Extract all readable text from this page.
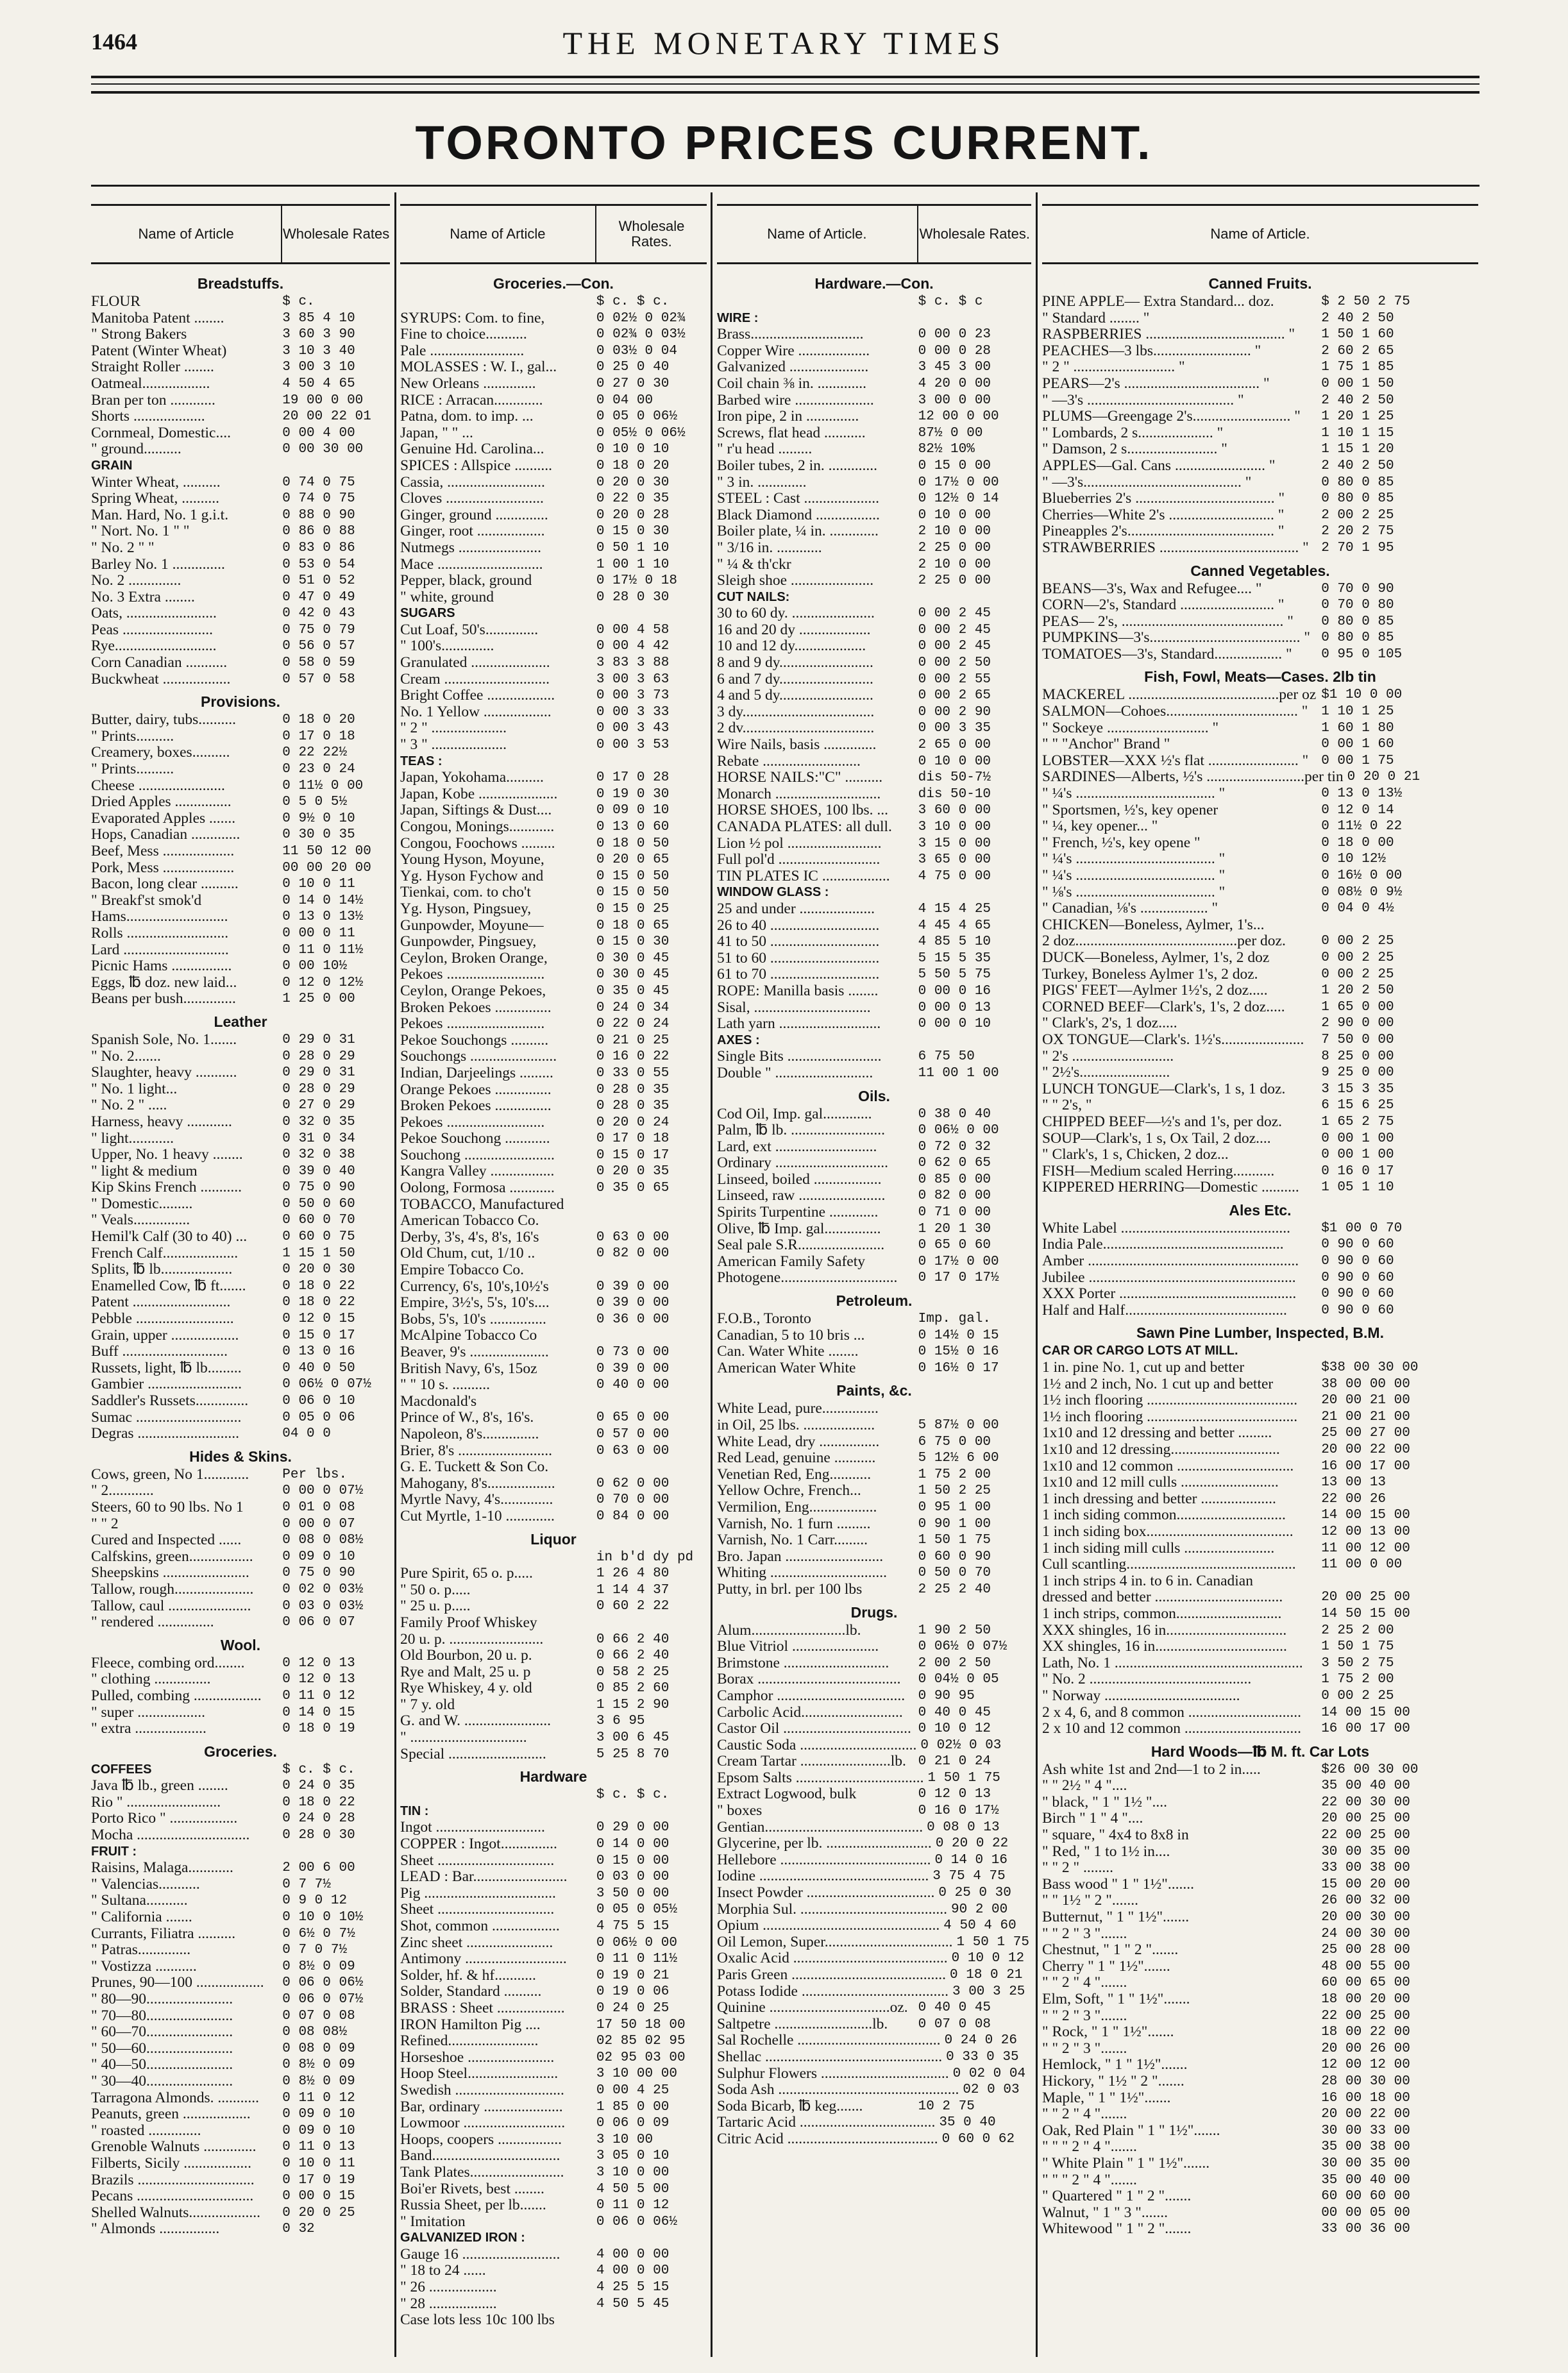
1464	THE MONETARY TIMES
TORONTO PRICES CURRENT.
Name of Article	Wholesale Rates
Breadstuffs.
FLOUR	$ c.
Manitoba Patent ........	3 85 4 10
" Strong Bakers	3 60 3 90
Patent (Winter Wheat)	3 10 3 40
Straight Roller ........	3 00 3 10
Oatmeal..................	4 50 4 65
Bran per ton ............	19 00 0 00
Shorts ...................	20 00 22 01
Cornmeal, Domestic....	0 00 4 00
" ground..........	0 00 30 00
GRAIN
Winter Wheat, ..........	0 74 0 75
Spring Wheat, ..........	0 74 0 75
Man. Hard, No. 1 g.i.t.	0 88 0 90
" Nort. No. 1 " "	0 86 0 88
" No. 2 " "	0 83 0 86
Barley No. 1 ..............	0 53 0 54
No. 2 ..............	0 51 0 52
No. 3 Extra ........	0 47 0 49
Oats, ........................	0 42 0 43
Peas ........................	0 75 0 79
Rye...........................	0 56 0 57
Corn Canadian ...........	0 58 0 59
Buckwheat ..................	0 57 0 58
Provisions.
Butter, dairy, tubs..........	0 18 0 20
" Prints..........	0 17 0 18
Creamery, boxes..........	0 22 22½
" Prints..........	0 23 0 24
Cheese .......................	0 11½ 0 00
Dried Apples ...............	0 5 0 5½
Evaporated Apples .......	0 9½ 0 10
Hops, Canadian .............	0 30 0 35
Beef, Mess ...................	11 50 12 00
Pork, Mess ...................	00 00 20 00
Bacon, long clear ..........	0 10 0 11
" Breakf'st smok'd	0 14 0 14½
Hams...........................	0 13 0 13½
Rolls ...........................	0 00 0 11
Lard ............................	0 11 0 11½
Picnic Hams ................	0 00 10½
Eggs, ℔ doz. new laid...	0 12 0 12½
Beans per bush..............	1 25 0 00
Leather
Spanish Sole, No. 1.......	0 29 0 31
" No. 2.......	0 28 0 29
Slaughter, heavy ...........	0 29 0 31
" No. 1 light...	0 28 0 29
" No. 2 " .....	0 27 0 29
Harness, heavy ............	0 32 0 35
" light............	0 31 0 34
Upper, No. 1 heavy ........	0 32 0 38
" light & medium	0 39 0 40
Kip Skins French ...........	0 75 0 90
" Domestic.........	0 50 0 60
" Veals...............	0 60 0 70
Hemil'k Calf (30 to 40) ...	0 60 0 75
French Calf....................	1 15 1 50
Splits, ℔ lb...................	0 20 0 30
Enamelled Cow, ℔ ft.......	0 18 0 22
Patent ..........................	0 18 0 22
Pebble ..........................	0 12 0 15
Grain, upper ..................	0 15 0 17
Buff ............................	0 13 0 16
Russets, light, ℔ lb.........	0 40 0 50
Gambier .........................	0 06½ 0 07½
Saddler's Russets..............	0 06 0 10
Sumac ............................	0 05 0 06
Degras ...........................	04 0 0
Hides & Skins.
Cows, green, No 1............	Per lbs.
" 2............	0 00 0 07½
Steers, 60 to 90 lbs. No 1	0 01 0 08
" " 2	0 00 0 07
Cured and Inspected ......	0 08 0 08½
Calfskins, green.................	0 09 0 10
Sheepskins .......................	0 75 0 90
Tallow, rough.....................	0 02 0 03½
Tallow, caul ......................	0 03 0 03½
" rendered ...............	0 06 0 07
Wool.
Fleece, combing ord........	0 12 0 13
" clothing ...............	0 12 0 13
Pulled, combing ..................	0 11 0 12
" super ..................	0 14 0 15
" extra ...................	0 18 0 19
Groceries.
COFFEES	$ c. $ c.
Java ℔ lb., green ........	0 24 0 35
Rio " .........................	0 18 0 22
Porto Rico " ..................	0 24 0 28
Mocha ..............................	0 28 0 30
FRUIT :
Raisins, Malaga............	2 00 6 00
" Valencias...........	0 7 7½
" Sultana...........	0 9 0 12
" California .......	0 10 0 10½
Currants, Filiatra ..........	0 6½ 0 7½
" Patras..............	0 7 0 7½
" Vostizza ...........	0 8½ 0 09
Prunes, 90—100 ..................	0 06 0 06½
" 80—90.......................	0 06 0 07½
" 70—80.......................	0 07 0 08
" 60—70.......................	0 08 08½
" 50—60.......................	0 08 0 09
" 40—50.......................	0 8½ 0 09
" 30—40.......................	0 8½ 0 09
Tarragona Almonds. ...........	0 11 0 12
Peanuts, green ..................	0 09 0 10
" roasted ..............	0 09 0 10
Grenoble Walnuts ..............	0 11 0 13
Filberts, Sicily ..................	0 10 0 11
Brazils ...............................	0 17 0 19
Pecans ...............................	0 00 0 15
Shelled Walnuts...................	0 20 0 25
" Almonds ................	0 32
Name of Article	Wholesale Rates.
Groceries.—Con.
$ c. $ c.
SYRUPS: Com. to fine,	0 02½ 0 02¾
Fine to choice...........	0 02¾ 0 03½
Pale .........................	0 03½ 0 04
MOLASSES : W. I., gal...	0 25 0 40
New Orleans ..............	0 27 0 30
RICE : Arracan.............	0 04 00
Patna, dom. to imp. ...	0 05 0 06½
Japan, " " ...	0 05½ 0 06½
Genuine Hd. Carolina...	0 10 0 10
SPICES : Allspice ..........	0 18 0 20
Cassia, ..........................	0 20 0 30
Cloves ..........................	0 22 0 35
Ginger, ground ..............	0 20 0 28
Ginger, root ..................	0 15 0 30
Nutmegs ......................	0 50 1 10
Mace ............................	1 00 1 10
Pepper, black, ground	0 17½ 0 18
" white, ground	0 28 0 30
SUGARS
Cut Loaf, 50's..............	0 00 4 58
" 100's..............	0 00 4 42
Granulated .....................	3 83 3 88
Cream ............................	3 00 3 63
Bright Coffee ..................	0 00 3 73
No. 1 Yellow ..................	0 00 3 33
" 2 " ....................	0 00 3 43
" 3 " ....................	0 00 3 53
TEAS :
Japan, Yokohama..........	0 17 0 28
Japan, Kobe .....................	0 19 0 30
Japan, Siftings & Dust....	0 09 0 10
Congou, Monings............	0 13 0 60
Congou, Foochows .........	0 18 0 50
Young Hyson, Moyune,	0 20 0 65
Yg. Hyson Fychow and	0 15 0 50
Tienkai, com. to cho't	0 15 0 50
Yg. Hyson, Pingsuey,	0 15 0 25
Gunpowder, Moyune—	0 18 0 65
Gunpowder, Pingsuey,	0 15 0 30
Ceylon, Broken Orange,	0 30 0 45
Pekoes ..........................	0 30 0 45
Ceylon, Orange Pekoes,	0 35 0 45
Broken Pekoes ...............	0 24 0 34
Pekoes ..........................	0 22 0 24
Pekoe Souchongs ..........	0 21 0 25
Souchongs .......................	0 16 0 22
Indian, Darjeelings .........	0 33 0 55
Orange Pekoes ...............	0 28 0 35
Broken Pekoes ...............	0 28 0 35
Pekoes ..........................	0 20 0 24
Pekoe Souchong ............	0 17 0 18
Souchong ........................	0 15 0 17
Kangra Valley .................	0 20 0 35
Oolong, Formosa ............	0 35 0 65
TOBACCO, Manufactured
American Tobacco Co.
Derby, 3's, 4's, 8's, 16's	0 63 0 00
Old Chum, cut, 1/10 ..	0 82 0 00
Empire Tobacco Co.
Currency, 6's, 10's,10½'s	0 39 0 00
Empire, 3½'s, 5's, 10's....	0 39 0 00
Bobs, 5's, 10's ...............	0 36 0 00
McAlpine Tobacco Co
Beaver, 9's .....................	0 73 0 00
British Navy, 6's, 15oz	0 39 0 00
" " 10 s. ..........	0 40 0 00
Macdonald's
Prince of W., 8's, 16's.	0 65 0 00
Napoleon, 8's...............	0 57 0 00
Brier, 8's .........................	0 63 0 00
G. E. Tuckett & Son Co.
Mahogany, 8's..................	0 62 0 00
Myrtle Navy, 4's..............	0 70 0 00
Cut Myrtle, 1-10 .............	0 84 0 00
Liquor
in b'd dy pd
Pure Spirit, 65 o. p.....	1 26 4 80
" 50 o. p.....	1 14 4 37
" 25 u. p.....	0 60 2 22
Family Proof Whiskey
20 u. p. .........................	0 66 2 40
Old Bourbon, 20 u. p.	0 66 2 40
Rye and Malt, 25 u. p	0 58 2 25
Rye Whiskey, 4 y. old	0 85 2 60
" 7 y. old	1 15 2 90
G. and W. .......................	3 6 95
" ...............................	3 00 6 45
Special ..........................	5 25 8 70
Hardware
$ c. $ c.
TIN :
Ingot .............................	0 29 0 00
COPPER : Ingot...............	0 14 0 00
Sheet ...............................	0 15 0 00
LEAD : Bar.........................	0 03 0 00
Pig ...................................	3 50 0 00
Sheet ...............................	0 05 0 05½
Shot, common ..................	4 75 5 15
Zinc sheet .......................	0 06½ 0 00
Antimony ...........................	0 11 0 11½
Solder, hf. & hf...........	0 19 0 21
Solder, Standard ..........	0 19 0 06
BRASS : Sheet ..................	0 24 0 25
IRON Hamilton Pig ....	17 50 18 00
Refined........................	02 85 02 95
Horseshoe .......................	02 95 03 00
Hoop Steel........................	3 10 00 00
Swedish .............................	0 00 4 25
Bar, ordinary .....................	1 85 0 00
Lowmoor ...........................	0 06 0 09
Hoops, coopers .................	3 10 00
Band..................................	3 05 0 10
Tank Plates.........................	3 10 0 00
Boi'er Rivets, best ........	4 50 5 00
Russia Sheet, per lb.......	0 11 0 12
" Imitation	0 06 0 06½
GALVANIZED IRON :
Gauge 16 ..........................	4 00 0 00
" 18 to 24 ......	4 00 0 00
" 26 ..................	4 25 5 15
" 28 ..................	4 50 5 45
Case lots less 10c 100 lbs
Name of Article.	Wholesale Rates.
Hardware.—Con.
$ c. $ c
WIRE :
Brass..............................	0 00 0 23
Copper Wire ...................	0 00 0 28
Galvanized .....................	3 45 3 00
Coil chain ⅜ in. .............	4 20 0 00
Barbed wire .....................	3 00 0 00
Iron pipe, 2 in ..............	12 00 0 00
Screws, flat head ...........	87½ 0 00
" r'u head .........	82½ 10%
Boiler tubes, 2 in. .............	0 15 0 00
" 3 in. .............	0 17½ 0 00
STEEL : Cast ....................	0 12½ 0 14
Black Diamond .................	0 10 0 00
Boiler plate, ¼ in. .............	2 10 0 00
" 3/16 in. ............	2 25 0 00
" ¼ & th'ckr	2 10 0 00
Sleigh shoe ......................	2 25 0 00
CUT NAILS:
30 to 60 dy. ......................	0 00 2 45
16 and 20 dy ...................	0 00 2 45
10 and 12 dy...................	0 00 2 45
8 and 9 dy.........................	0 00 2 50
6 and 7 dy.........................	0 00 2 55
4 and 5 dy.........................	0 00 2 65
3 dy...................................	0 00 2 90
2 dv...................................	0 00 3 35
Wire Nails, basis ..............	2 65 0 00
Rebate ..........................	0 10 0 00
HORSE NAILS:"C" ..........	dis 50-7½
Monarch ............................	dis 50-10
HORSE SHOES, 100 lbs. ...	3 60 0 00
CANADA PLATES: all dull.	3 10 0 00
Lion ½ pol .........................	3 15 0 00
Full pol'd ...........................	3 65 0 00
TIN PLATES IC ..................	4 75 0 00
WINDOW GLASS :
25 and under ....................	4 15 4 25
26 to 40 .............................	4 45 4 65
41 to 50 .............................	4 85 5 10
51 to 60 .............................	5 15 5 35
61 to 70 .............................	5 50 5 75
ROPE: Manilla basis ........	0 00 0 16
Sisal, ...............................	0 00 0 13
Lath yarn ...........................	0 00 0 10
AXES :
Single Bits .........................	6 75 50
Double " ..........................	11 00 1 00
Oils.
Cod Oil, Imp. gal.............	0 38 0 40
Palm, ℔ lb. .........................	0 06½ 0 00
Lard, ext ...........................	0 72 0 32
Ordinary ..............................	0 62 0 65
Linseed, boiled ..................	0 85 0 00
Linseed, raw .......................	0 82 0 00
Spirits Turpentine .............	0 71 0 00
Olive, ℔ Imp. gal...............	1 20 1 30
Seal pale S.R.......................	0 65 0 60
American Family Safety	0 17½ 0 00
Photogene...............................	0 17 0 17½
Petroleum.
F.O.B., Toronto	Imp. gal.
Canadian, 5 to 10 bris ...	0 14½ 0 15
Can. Water White ........	0 15½ 0 16
American Water White	0 16½ 0 17
Paints, &c.
White Lead, pure...............
in Oil, 25 lbs. ...................	5 87½ 0 00
White Lead, dry ................	6 75 0 00
Red Lead, genuine ...........	5 12½ 6 00
Venetian Red, Eng...........	1 75 2 00
Yellow Ochre, French...	1 50 2 25
Vermilion, Eng..................	0 95 1 00
Varnish, No. 1 furn .........	0 90 1 00
Varnish, No. 1 Carr.........	1 50 1 75
Bro. Japan ..........................	0 60 0 90
Whiting ...............................	0 50 0 70
Putty, in brl. per 100 lbs	2 25 2 40
Drugs.
Alum.........................lb.	1 90 2 50
Blue Vitriol .......................	0 06½ 0 07½
Brimstone ............................	2 00 2 50
Borax ......................................	0 04½ 0 05
Camphor .................................. 0 90 95
Carbolic Acid...........................	0 40 0 45
Castor Oil .................................. 0 10 0 12
Caustic Soda ............................... 0 02½ 0 03
Cream Tartar ........................lb. 0 21 0 24
Epsom Salts .................................. 1 50 1 75
Extract Logwood, bulk	0 12 0 13
" boxes	0 16 0 17½
Gentian.......................................... 0 08 0 13
Glycerine, per lb. ............................ 0 20 0 22
Hellebore ........................................ 0 14 0 16
Iodine ............................................. 3 75 4 75
Insect Powder .................................. 0 25 0 30
Morphia Sul. ....................................... 90 2 00
Opium ............................................... 4 50 4 60
Oil Lemon, Super.................................. 1 50 1 75
Oxalic Acid ......................................... 0 10 0 12
Paris Green ......................................... 0 18 0 21
Potass Iodide ....................................... 3 00 3 25
Quinine ................................oz. 0 40 0 45
Saltpetre ..........................lb.	0 07 0 08
Sal Rochelle ...................................... 0 24 0 26
Shellac ............................................... 0 33 0 35
Sulphur Flowers .................................. 0 02 0 04
Soda Ash ................................................ 02 0 03
Soda Bicarb, ℔ keg.......	10 2 75
Tartaric Acid .................................... 35 0 40
Citric Acid ........................................ 0 60 0 62
Name of Article.
Canned Fruits.
PINE APPLE— Extra Standard... doz.	$ 2 50 2 75
" Standard ........ "	2 40 2 50
RASPBERRIES ..................................... "	1 50 1 60
PEACHES—3 lbs.......................... "	2 60 2 65
" 2 " ........................... "	1 75 1 85
PEARS—2's .................................... "	0 00 1 50
" —3's ....................................... "	2 40 2 50
PLUMS—Greengage 2's.......................... "	1 20 1 25
" Lombards, 2 s.................... "	1 10 1 15
" Damson, 2 s........................ "	1 15 1 20
APPLES—Gal. Cans ........................ "	2 40 2 50
" —3's.......................................... "	0 80 0 85
Blueberries 2's ..................................... "	0 80 0 85
Cherries—White 2's ............................ "	2 00 2 25
Pineapples 2's....................................... "	2 20 2 75
STRAWBERRIES ..................................... " 2 70 1 95
Canned Vegetables.
BEANS—3's, Wax and Refugee.... "	0 70 0 90
CORN—2's, Standard ......................... "	0 70 0 80
PEAS— 2's, ........................................... "	0 80 0 85
PUMPKINS—3's........................................ " 0 80 0 85
TOMATOES—3's, Standard.................. "	0 95 0 105
Fish, Fowl, Meats—Cases. 2lb tin
MACKEREL ........................................per oz $1 10 0 00
SALMON—Cohoes................................... " 1 10 1 25
" Sockeye ........................... "	1 60 1 80
" " "Anchor" Brand "	0 00 1 60
LOBSTER—XXX ½'s flat ........................ " 0 00 1 75
SARDINES—Alberts, ½'s ..........................per tin 0 20 0 21
" ¼'s ..................................... "	0 13 0 13½
" Sportsmen, ½'s, key opener	0 12 0 14
" ¼, key opener... "	0 11½ 0 22
" French, ½'s, key opene "	0 18 0 00
" ¼'s ..................................... "	0 10 12½
" ¼'s ..................................... "	0 16½ 0 00
" ⅛'s ..................................... "	0 08½ 0 9½
" Canadian, ⅛'s .................. "	0 04 0 4½
CHICKEN—Boneless, Aylmer, 1's...
2 doz...........................................per doz.	0 00 2 25
DUCK—Boneless, Aylmer, 1's, 2 doz	0 00 2 25
Turkey, Boneless Aylmer 1's, 2 doz.	0 00 2 25
PIGS' FEET—Aylmer 1½'s, 2 doz.....	1 20 2 50
CORNED BEEF—Clark's, 1's, 2 doz.....	1 65 0 00
" Clark's, 2's, 1 doz.....	2 90 0 00
OX TONGUE—Clark's. 1½'s......................	7 50 0 00
" 2's ...........................	8 25 0 00
" 2½'s........................	9 25 0 00
LUNCH TONGUE—Clark's, 1 s, 1 doz.	3 15 3 35
" " 2's, "	6 15 6 25
CHIPPED BEEF—½'s and 1's, per doz.	1 65 2 75
SOUP—Clark's, 1 s, Ox Tail, 2 doz....	0 00 1 00
" Clark's, 1 s, Chicken, 2 doz...	0 00 1 00
FISH—Medium scaled Herring...........	0 16 0 17
KIPPERED HERRING—Domestic ..........	1 05 1 10
Ales Etc.
White Label .............................................	$1 00 0 70
India Pale................................................	0 90 0 60
Amber ........................................................	0 90 0 60
Jubilee .......................................................	0 90 0 60
XXX Porter ...............................................	0 90 0 60
Half and Half...........................................	0 90 0 60
Sawn Pine Lumber, Inspected, B.M.
CAR OR CARGO LOTS AT MILL.
1 in. pine No. 1, cut up and better	$38 00 30 00
1½ and 2 inch, No. 1 cut up and better	38 00 00 00
1½ inch flooring ........................................	20 00 21 00
1½ inch flooring ........................................	21 00 21 00
1x10 and 12 dressing and better .........	25 00 27 00
1x10 and 12 dressing.............................	20 00 22 00
1x10 and 12 common ...............................	16 00 17 00
1x10 and 12 mill culls ..........................	13 00 13
1 inch dressing and better ....................	22 00 26
1 inch siding common.............................	14 00 15 00
1 inch siding box.......................................	12 00 13 00
1 inch siding mill culls ........................	11 00 12 00
Cull scantling.............................................	11 00 0 00
1 inch strips 4 in. to 6 in. Canadian
dressed and better ..................................	20 00 25 00
1 inch strips, common............................	14 50 15 00
XXX shingles, 16 in................................	2 25 2 00
XX shingles, 16 in...................................	1 50 1 75
Lath, No. 1 ..................................................	3 50 2 75
" No. 2 ...........................................	1 75 2 00
" Norway ....................................	0 00 2 25
2 x 4, 6, and 8 common ..............................	14 00 15 00
2 x 10 and 12 common ...............................	16 00 17 00
Hard Woods—℔ M. ft. Car Lots
Ash white 1st and 2nd—1 to 2 in.....	$26 00 30 00
" " 2½ " 4 "....	35 00 40 00
" black, " 1 " 1½ "....	22 00 30 00
Birch " 1 " 4 "....	20 00 25 00
" square, " 4x4 to 8x8 in	22 00 25 00
" Red, " 1 to 1½ in....	30 00 35 00
" " 2 " ........	33 00 38 00
Bass wood " 1 " 1½".......	15 00 20 00
" " 1½ " 2 ".......	26 00 32 00
Butternut, " 1 " 1½".......	20 00 30 00
" " 2 " 3 ".......	24 00 30 00
Chestnut, " 1 " 2 ".......	25 00 28 00
Cherry " 1 " 1½".......	48 00 55 00
" " 2 " 4 ".......	60 00 65 00
Elm, Soft, " 1 " 1½".......	18 00 20 00
" " 2 " 3 ".......	22 00 25 00
" Rock, " 1 " 1½".......	18 00 22 00
" " 2 " 3 ".......	20 00 26 00
Hemlock, " 1 " 1½".......	12 00 12 00
Hickory, " 1½ " 2 ".......	28 00 30 00
Maple, " 1 " 1½".......	16 00 18 00
" " 2 " 4 ".......	20 00 22 00
Oak, Red Plain " 1 " 1½".......	30 00 33 00
" " " 2 " 4 ".......	35 00 38 00
" White Plain " 1 " 1½".......	30 00 35 00
" " " 2 " 4 ".......	35 00 40 00
" Quartered " 1 " 2 ".......	60 00 60 00
Walnut, " 1 " 3 ".......	00 00 05 00
Whitewood " 1 " 2 ".......	33 00 36 00
